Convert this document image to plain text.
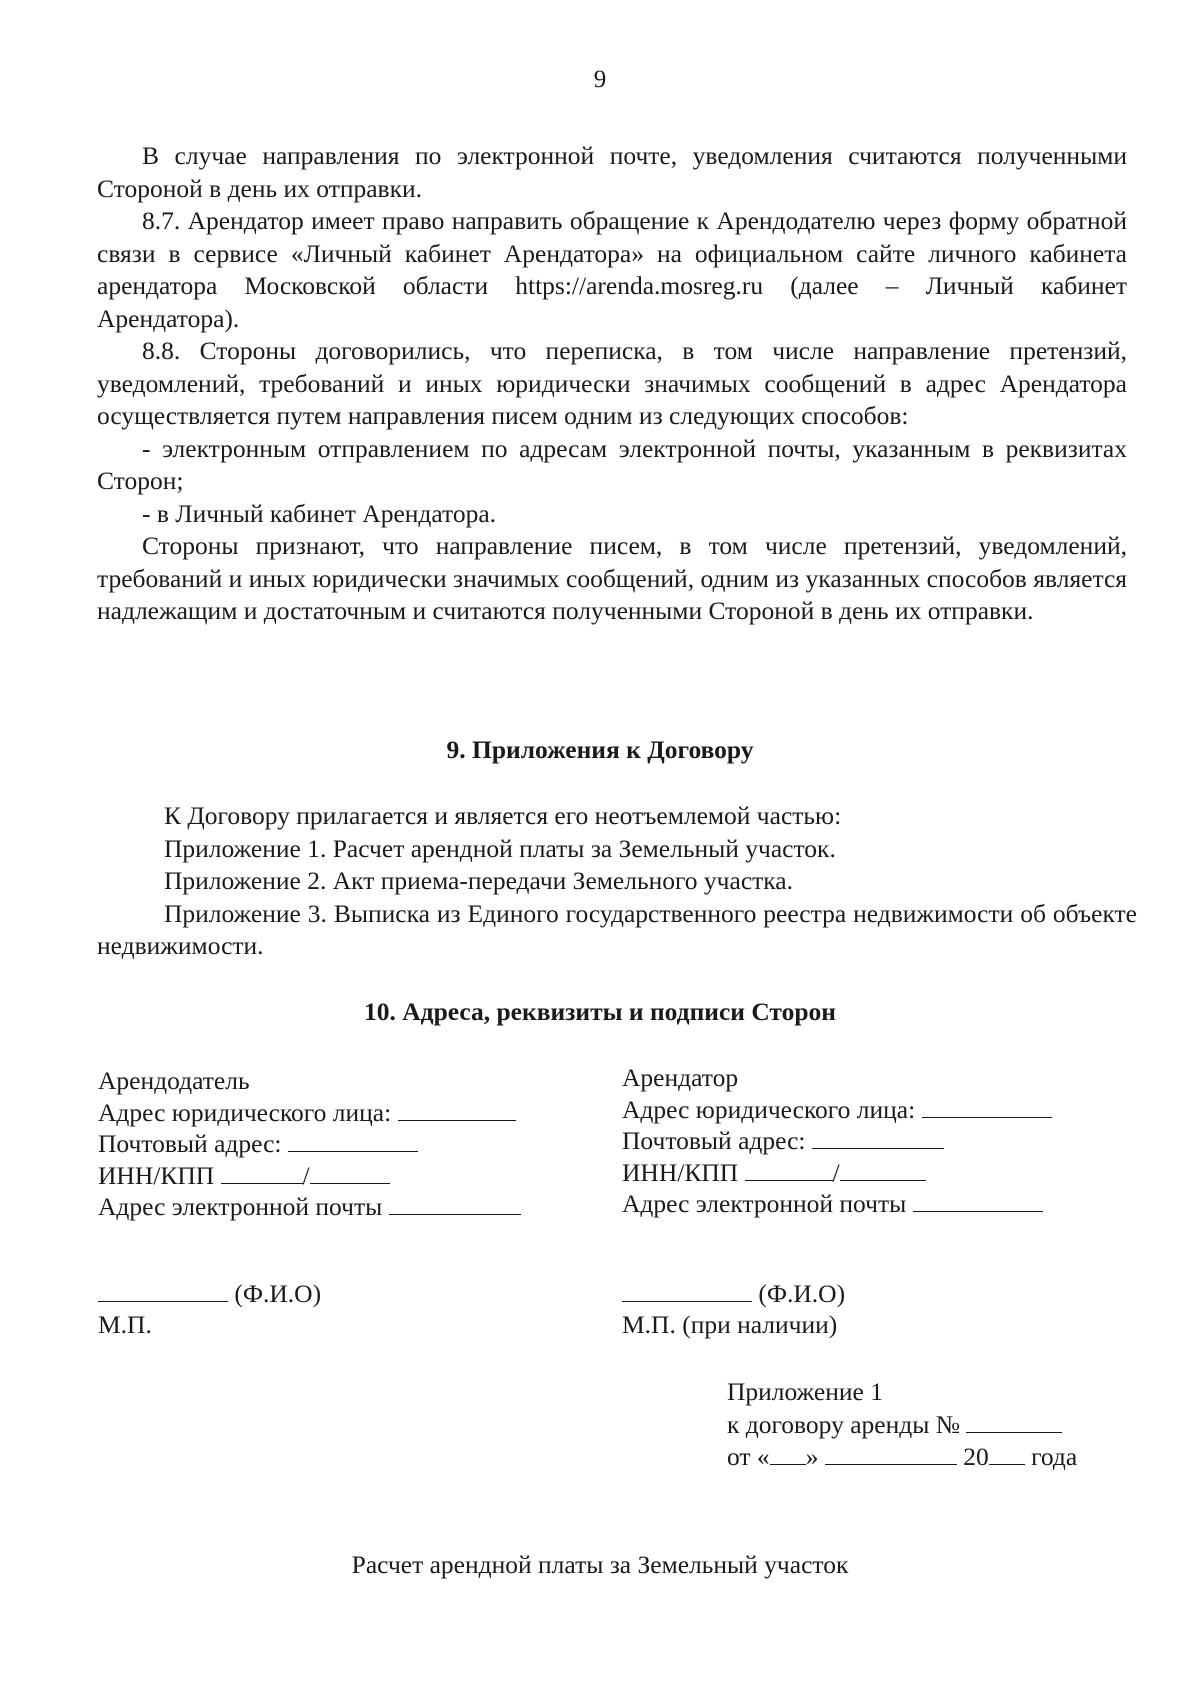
9

В случае направления по электронной почте, уведомления считаются полученными Стороной в день их отправки.

8.7. Арендатор имеет право направить обращение к Арендодателю через форму обратной связи в сервисе «Личный кабинет Арендатора» на официальном сайте личного кабинета арендатора Московской области https://arenda.mosreg.ru (далее – Личный кабинет Арендатора).

8.8. Стороны договорились, что переписка, в том числе направление претензий, уведомлений, требований и иных юридически значимых сообщений в адрес Арендатора осуществляется путем направления писем одним из следующих способов:

- электронным отправлением по адресам электронной почты, указанным в реквизитах Сторон;

- в Личный кабинет Арендатора.

Стороны признают, что направление писем, в том числе претензий, уведомлений, требований и иных юридически значимых сообщений, одним из указанных способов является надлежащим и достаточным и считаются полученными Стороной в день их отправки.

9. Приложения к Договору

К Договору прилагается и является его неотъемлемой частью:

Приложение 1. Расчет арендной платы за Земельный участок.

Приложение 2. Акт приема-передачи Земельного участка.

Приложение 3. Выписка из Единого государственного реестра недвижимости об объекте недвижимости.

10. Адреса, реквизиты и подписи Сторон
Арендодатель
Адрес юридического лица:
Почтовый адрес:
ИНН/КПП	/
Адрес электронной почты
Арендатор
Адрес юридического лица:
Почтовый адрес:
ИНН/КПП	/
Адрес электронной почты
(Ф.И.О)
М.П.
(Ф.И.О)
М.П. (при наличии)
Приложение 1
к договору аренды №
от « »	20 года
Расчет арендной платы за Земельный участок
